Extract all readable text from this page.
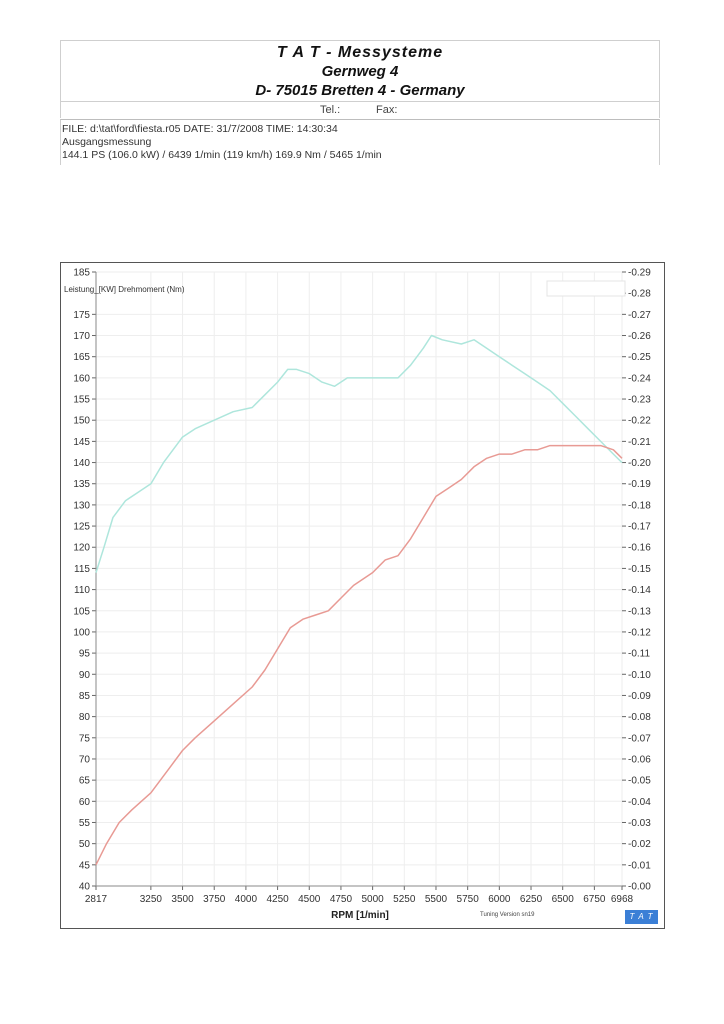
T A T - Messysteme
Gernweg 4
D- 75015 Bretten 4 - Germany
Tel.:	Fax:
FILE: d:\tat\ford\fiesta.r05 DATE: 31/7/2008 TIME: 14:30:34
Ausgangsmessung
144.1 PS (106.0 kW) / 6439 1/min (119 km/h) 169.9 Nm / 5465 1/min
40
45
50
55
60
65
70
75
80
85
90
95
100
105
110
115
120
125
130
135
140
145
150
155
160
165
170
175
185
-0.00
-0.01
-0.02
-0.03
-0.04
-0.05
-0.06
-0.07
-0.08
-0.09
-0.10
-0.11
-0.12
-0.13
-0.14
-0.15
-0.16
-0.17
-0.18
-0.19
-0.20
-0.21
-0.22
-0.23
-0.24
-0.25
-0.26
-0.27
-0.28
-0.29
2817	3250 3500 3750 4000 4250 4500 4750 5000 5250 5500 5750 6000 6250 6500 6750 6968
Leistung_[KW] Drehmoment (Nm)
RPM [1/min]	Tuning Version sn19	T A T
